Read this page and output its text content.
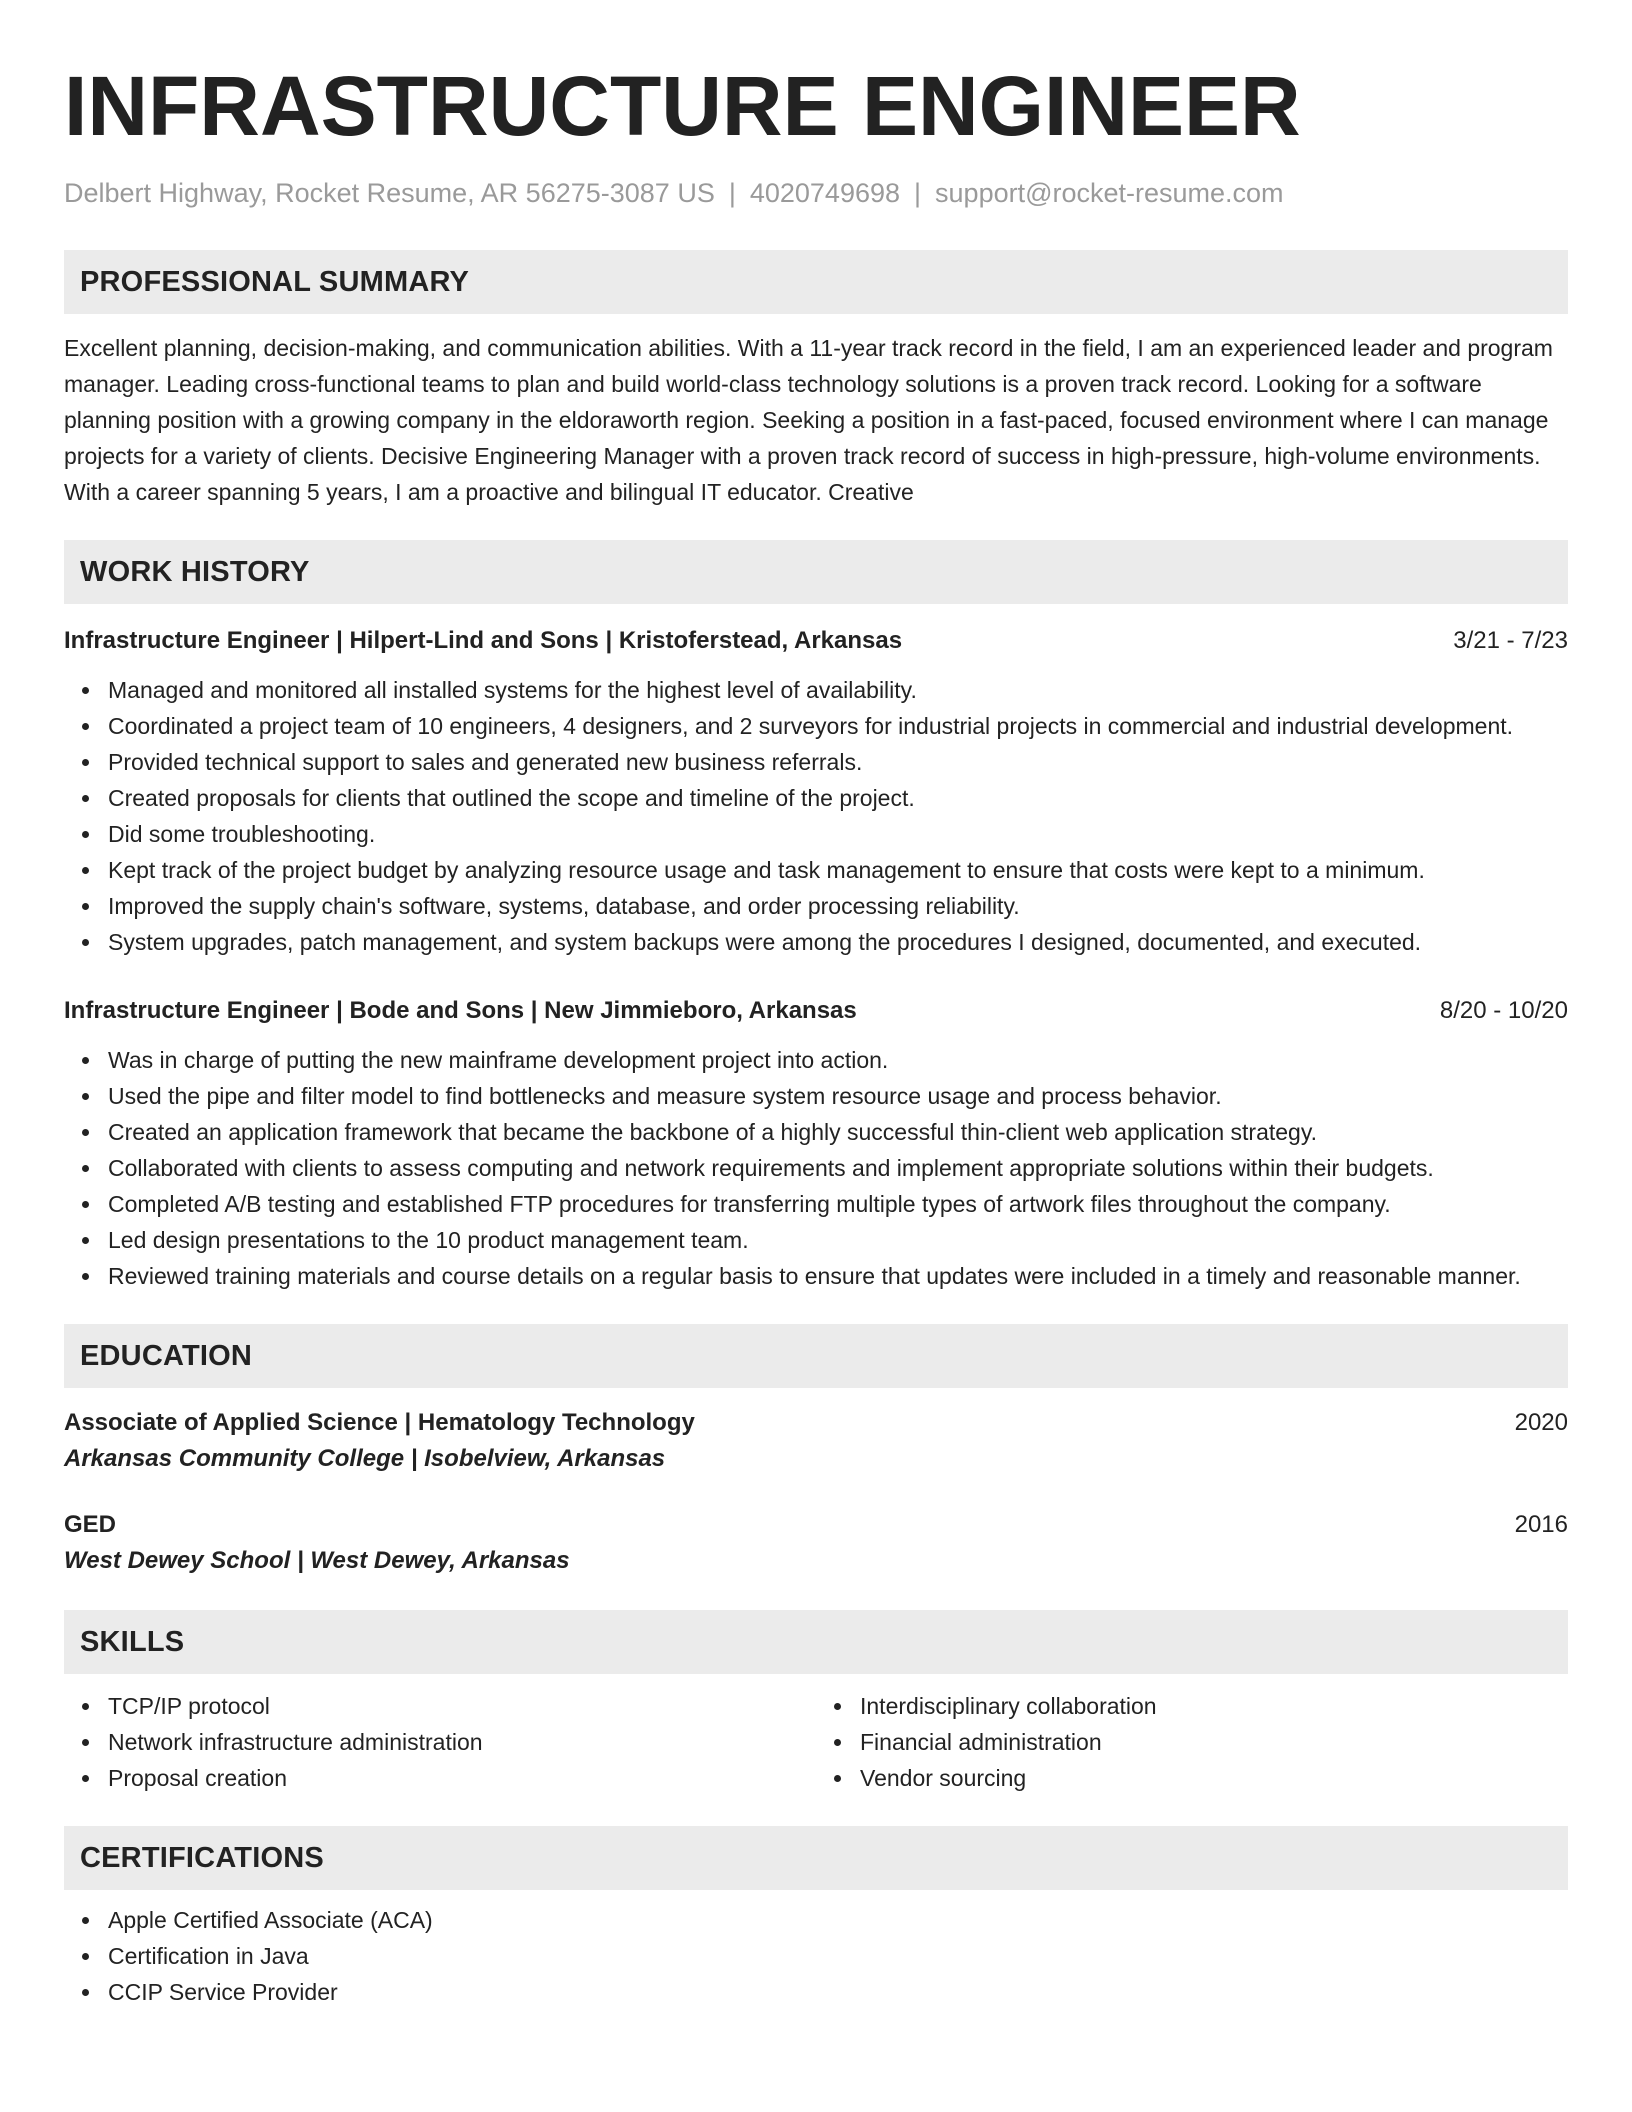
INFRASTRUCTURE ENGINEER
Delbert Highway, Rocket Resume, AR 56275-3087 US | 4020749698 | support@rocket-resume.com
PROFESSIONAL SUMMARY
Excellent planning, decision-making, and communication abilities. With a 11-year track record in the field, I am an experienced leader and program manager. Leading cross-functional teams to plan and build world-class technology solutions is a proven track record. Looking for a software planning position with a growing company in the eldoraworth region. Seeking a position in a fast-paced, focused environment where I can manage projects for a variety of clients. Decisive Engineering Manager with a proven track record of success in high-pressure, high-volume environments. With a career spanning 5 years, I am a proactive and bilingual IT educator. Creative
WORK HISTORY
Infrastructure Engineer | Hilpert-Lind and Sons | Kristoferstead, Arkansas	3/21 - 7/23
Managed and monitored all installed systems for the highest level of availability.
Coordinated a project team of 10 engineers, 4 designers, and 2 surveyors for industrial projects in commercial and industrial development.
Provided technical support to sales and generated new business referrals.
Created proposals for clients that outlined the scope and timeline of the project.
Did some troubleshooting.
Kept track of the project budget by analyzing resource usage and task management to ensure that costs were kept to a minimum.
Improved the supply chain's software, systems, database, and order processing reliability.
System upgrades, patch management, and system backups were among the procedures I designed, documented, and executed.
Infrastructure Engineer | Bode and Sons | New Jimmieboro, Arkansas	8/20 - 10/20
Was in charge of putting the new mainframe development project into action.
Used the pipe and filter model to find bottlenecks and measure system resource usage and process behavior.
Created an application framework that became the backbone of a highly successful thin-client web application strategy.
Collaborated with clients to assess computing and network requirements and implement appropriate solutions within their budgets.
Completed A/B testing and established FTP procedures for transferring multiple types of artwork files throughout the company.
Led design presentations to the 10 product management team.
Reviewed training materials and course details on a regular basis to ensure that updates were included in a timely and reasonable manner.
EDUCATION
Associate of Applied Science | Hematology Technology	2020
Arkansas Community College | Isobelview, Arkansas
GED	2016
West Dewey School | West Dewey, Arkansas
SKILLS
TCP/IP protocol
Network infrastructure administration
Proposal creation
Interdisciplinary collaboration
Financial administration
Vendor sourcing
CERTIFICATIONS
Apple Certified Associate (ACA)
Certification in Java
CCIP Service Provider
